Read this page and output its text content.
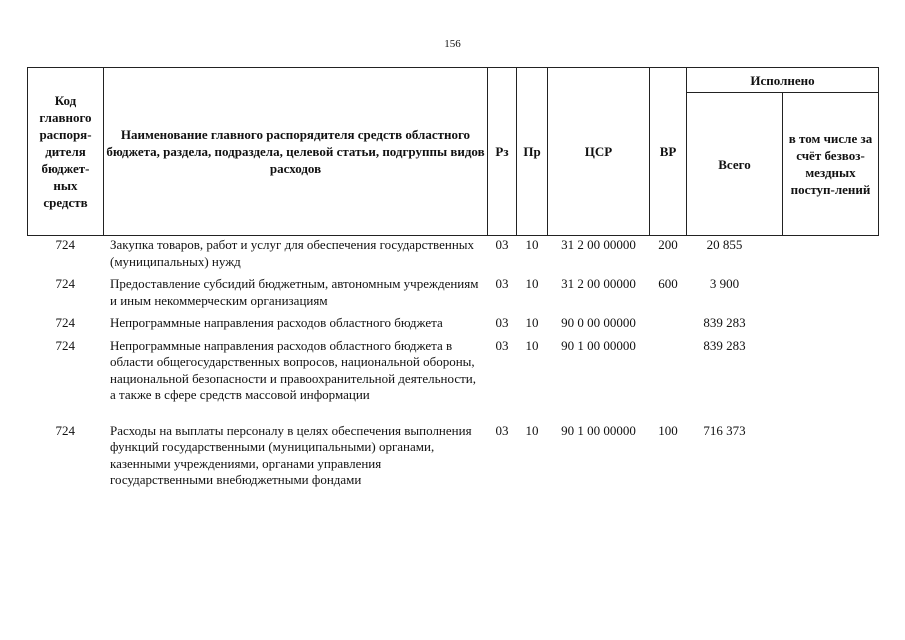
156
Код главного распоря-дителя бюджет-ных средств	Наименование главного распорядителя средств областного бюджета, раздела, подраздела, целевой статьи, подгруппы видов расходов	Рз	Пр	ЦСР	ВР	Исполнено	
						Всего	в том числе за счёт безвоз-мездных поступ-лений
724	Закупка товаров, работ и услуг для обеспечения государственных (муниципальных) нужд	03	10	31 2 00 00000	200	20 855	
724	Предоставление субсидий бюджетным, автономным учреждениям и иным некоммерческим организациям	03	10	31 2 00 00000	600	3 900	
724	Непрограммные направления расходов областного бюджета	03	10	90 0 00 00000		839 283	
724	Непрограммные направления расходов областного бюджета в области общегосударственных вопросов, национальной обороны, национальной безопасности и правоохранительной деятельности, а также в сфере средств массовой информации	03	10	90 1 00 00000		839 283	
724	Расходы на выплаты персоналу в целях обеспечения выполнения функций государственными (муниципальными) органами, казенными учреждениями, органами управления государственными внебюджетными фондами	03	10	90 1 00 00000	100	716 373	
